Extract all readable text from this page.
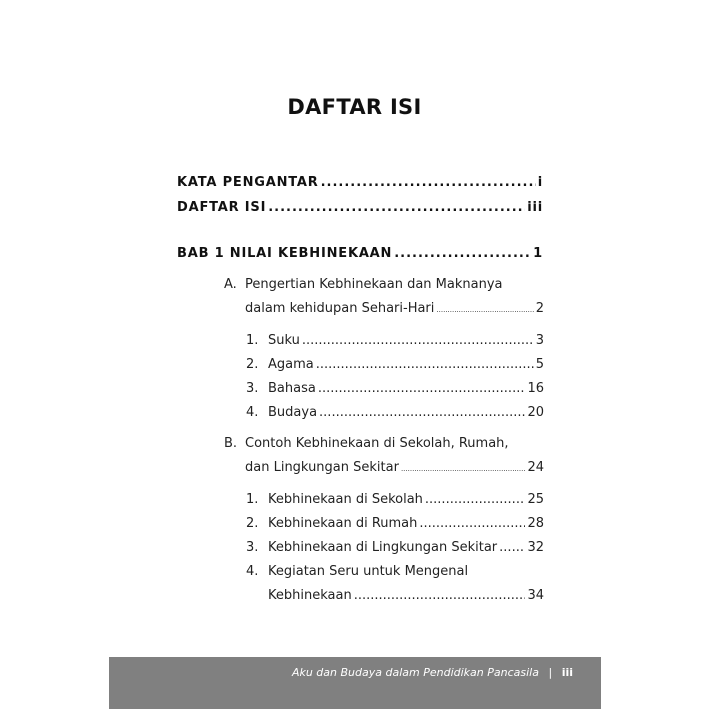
DAFTAR ISI
KATA PENGANTAR .....	i
DAFTAR ISI .....	iii
BAB 1 NILAI KEBHINEKAAN .....	1
A. Pengertian Kebhinekaan dan Maknanya
dalam kehidupan Sehari-Hari .....	2
1. Suku .....	3
2. Agama .....	5
3. Bahasa .....	16
4. Budaya .....	20
B. Contoh Kebhinekaan di Sekolah, Rumah,
dan Lingkungan Sekitar .....	24
1. Kebhinekaan di Sekolah .....	25
2. Kebhinekaan di Rumah .....	28
3. Kebhinekaan di Lingkungan Sekitar ..... 32
4. Kegiatan Seru untuk Mengenal
Kebhinekaan .....	34
Aku dan Budaya dalam Pendidikan Pancasila | iii
